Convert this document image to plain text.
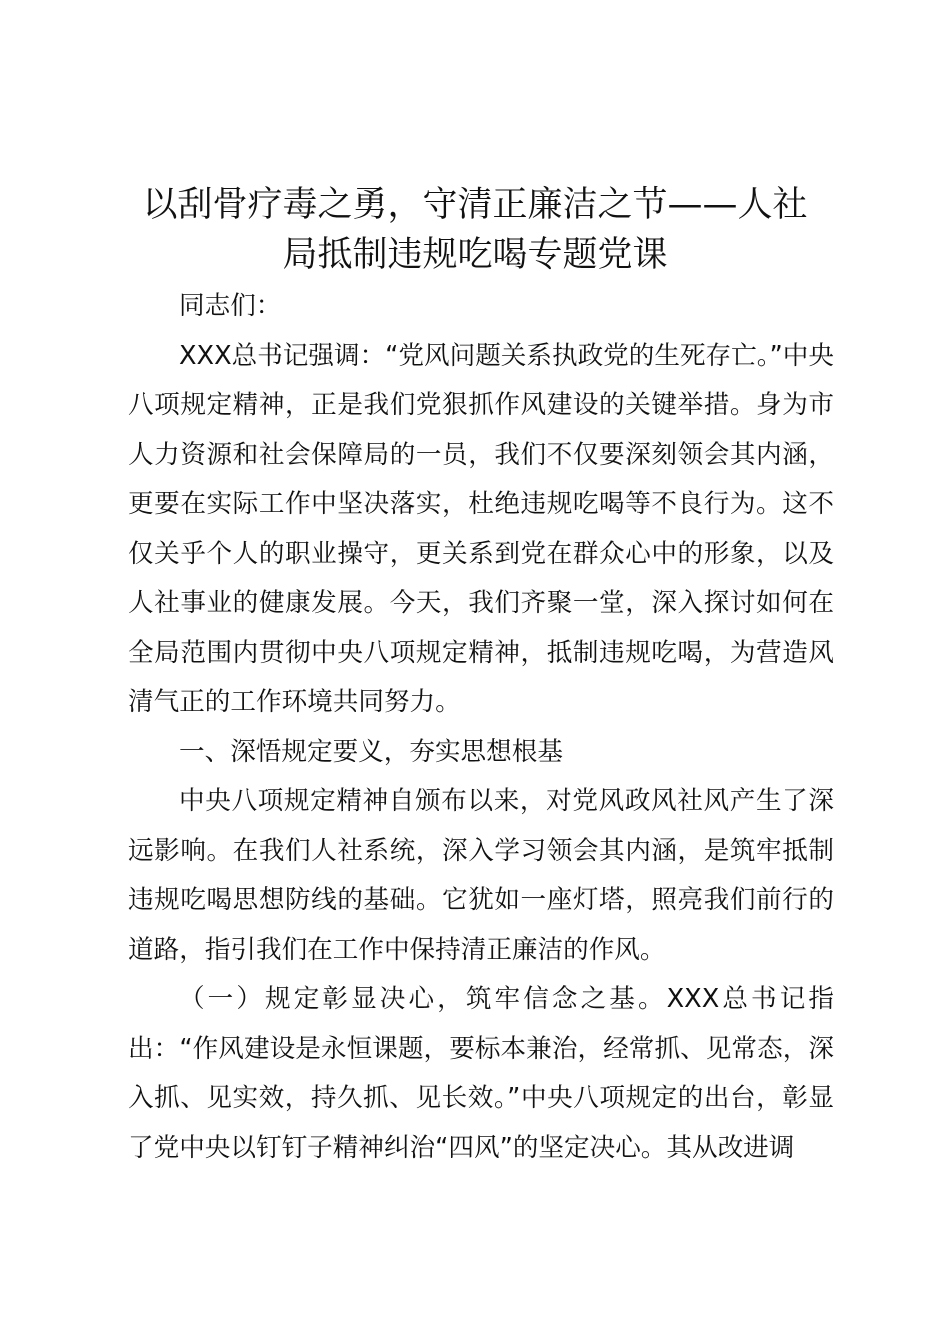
以刮骨疗毒之勇，守清正廉洁之节——人社
局抵制违规吃喝专题党课

同志们：

XXX总书记强调：“党风问题关系执政党的生死存亡。”中央八项规定精神，正是我们党狠抓作风建设的关键举措。身为市人力资源和社会保障局的一员，我们不仅要深刻领会其内涵，更要在实际工作中坚决落实，杜绝违规吃喝等不良行为。这不仅关乎个人的职业操守，更关系到党在群众心中的形象，以及人社事业的健康发展。今天，我们齐聚一堂，深入探讨如何在全局范围内贯彻中央八项规定精神，抵制违规吃喝，为营造风清气正的工作环境共同努力。

一、深悟规定要义，夯实思想根基

中央八项规定精神自颁布以来，对党风政风社风产生了深远影响。在我们人社系统，深入学习领会其内涵，是筑牢抵制违规吃喝思想防线的基础。它犹如一座灯塔，照亮我们前行的道路，指引我们在工作中保持清正廉洁的作风。

（一）规定彰显决心，筑牢信念之基。XXX总书记指出：“作风建设是永恒课题，要标本兼治，经常抓、见常态，深入抓、见实效，持久抓、见长效。”中央八项规定的出台，彰显了党中央以钉钉子精神纠治“四风”的坚定决心。其从改进调
